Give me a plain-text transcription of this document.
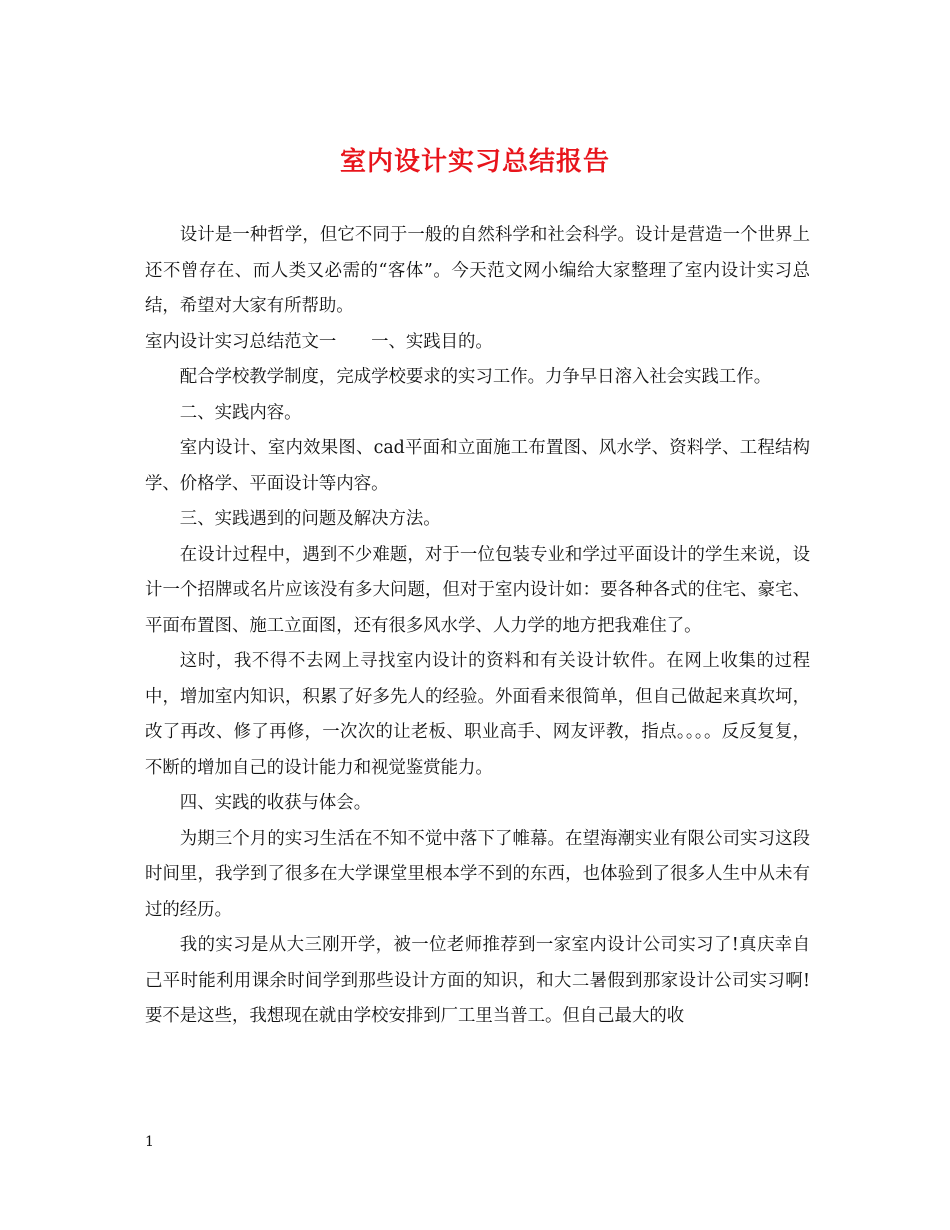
室内设计实习总结报告

设计是一种哲学，但它不同于一般的自然科学和社会科学。设计是营造一个世界上还不曾存在、而人类又必需的“客体”。今天范文网小编给大家整理了室内设计实习总结，希望对大家有所帮助。

室内设计实习总结范文一　　一、实践目的。

配合学校教学制度，完成学校要求的实习工作。力争早日溶入社会实践工作。

二、实践内容。

室内设计、室内效果图、cad平面和立面施工布置图、风水学、资料学、工程结构学、价格学、平面设计等内容。

三、实践遇到的问题及解决方法。

在设计过程中，遇到不少难题，对于一位包装专业和学过平面设计的学生来说，设计一个招牌或名片应该没有多大问题，但对于室内设计如：要各种各式的住宅、豪宅、平面布置图、施工立面图，还有很多风水学、人力学的地方把我难住了。

这时，我不得不去网上寻找室内设计的资料和有关设计软件。在网上收集的过程中，增加室内知识，积累了好多先人的经验。外面看来很简单，但自己做起来真坎坷，改了再改、修了再修，一次次的让老板、职业高手、网友评教，指点。。。。反反复复，不断的增加自己的设计能力和视觉鉴赏能力。

四、实践的收获与体会。

为期三个月的实习生活在不知不觉中落下了帷幕。在望海潮实业有限公司实习这段时间里，我学到了很多在大学课堂里根本学不到的东西，也体验到了很多人生中从未有过的经历。

我的实习是从大三刚开学，被一位老师推荐到一家室内设计公司实习了!真庆幸自己平时能利用课余时间学到那些设计方面的知识，和大二暑假到那家设计公司实习啊!要不是这些，我想现在就由学校安排到厂工里当普工。但自己最大的收

1
